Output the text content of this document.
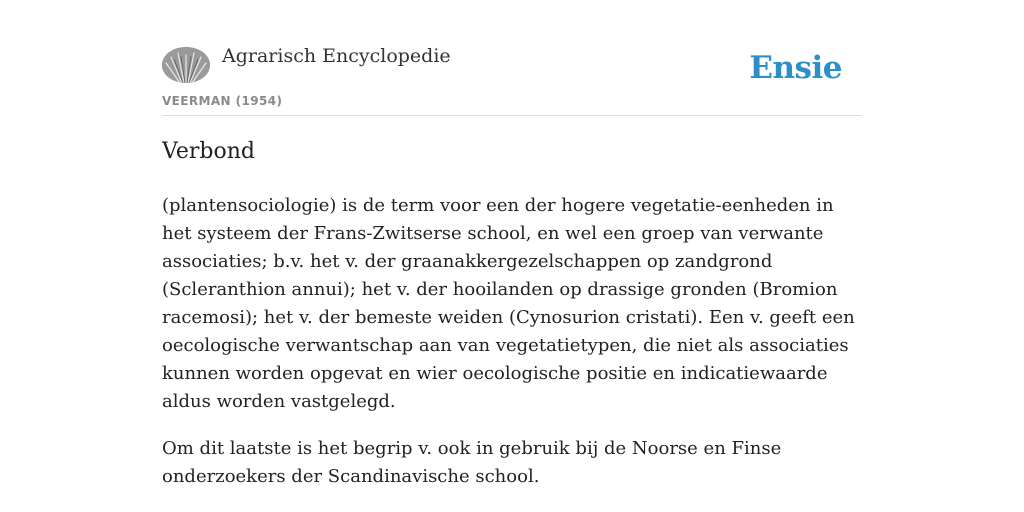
Agrarisch Encyclopedie
VEERMAN (1954)
Ensie
Verbond

(plantensociologie) is de term voor een der hogere vegetatie-eenheden in het systeem der Frans-Zwitserse school, en wel een groep van verwante associaties; b.v. het v. der graanakkergezelschappen op zandgrond (Scleranthion annui); het v. der hooilanden op drassige gronden (Bromion racemosi); het v. der bemeste weiden (Cynosurion cristati). Een v. geeft een oecologische verwantschap aan van vegetatietypen, die niet als associaties kunnen worden opgevat en wier oecologische positie en indicatiewaarde aldus worden vastgelegd.

Om dit laatste is het begrip v. ook in gebruik bij de Noorse en Finse onderzoekers der Scandinavische school.
